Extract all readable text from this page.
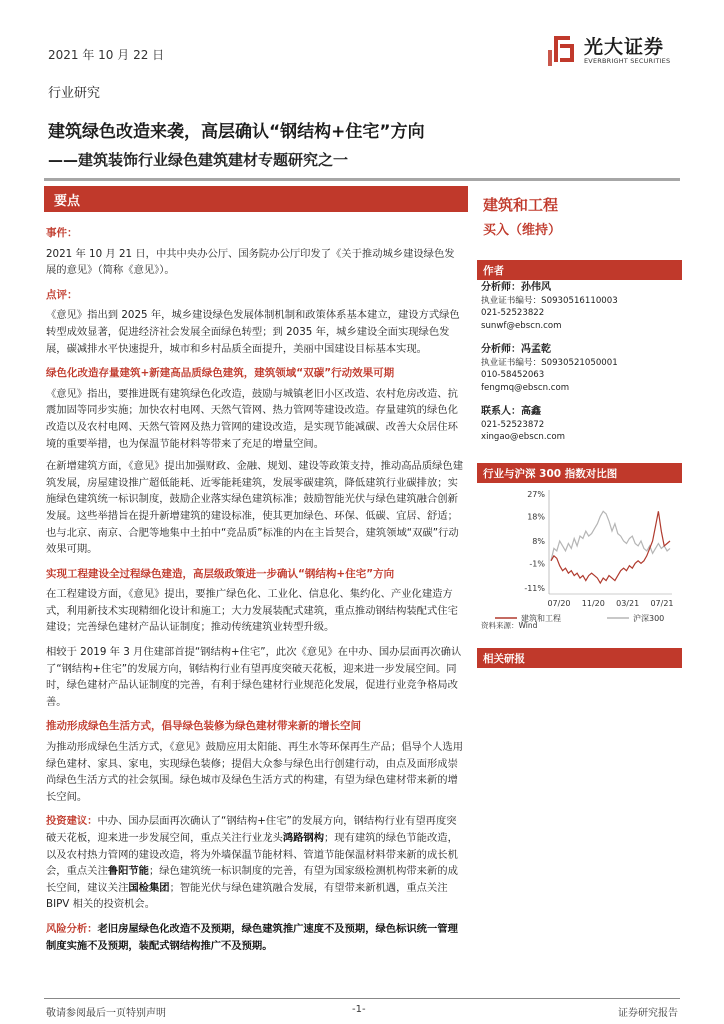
2021 年 10 月 22 日	光大证券
EVERBRIGHT SECURITIES
行业研究
建筑绿色改造来袭，高层确认“钢结构+住宅”方向
——建筑装饰行业绿色建筑建材专题研究之一
要点
事件：

2021 年 10 月 21 日，中共中央办公厅、国务院办公厅印发了《关于推动城乡建设绿色发展的意见》（简称《意见》）。

点评：

《意见》指出到 2025 年，城乡建设绿色发展体制机制和政策体系基本建立，建设方式绿色转型成效显著，促进经济社会发展全面绿色转型；到 2035 年，城乡建设全面实现绿色发展，碳减排水平快速提升，城市和乡村品质全面提升，美丽中国建设目标基本实现。

绿色化改造存量建筑+新建高品质绿色建筑，建筑领域“双碳”行动效果可期

《意见》指出，要推进既有建筑绿色化改造，鼓励与城镇老旧小区改造、农村危房改造、抗震加固等同步实施；加快农村电网、天然气管网、热力管网等建设改造。存量建筑的绿色化改造以及农村电网、天然气管网及热力管网的建设改造，是实现节能减碳、改善大众居住环境的重要举措，也为保温节能材料等带来了充足的增量空间。

在新增建筑方面，《意见》提出加强财政、金融、规划、建设等政策支持，推动高品质绿色建筑发展，房屋建设推广超低能耗、近零能耗建筑，发展零碳建筑，降低建筑行业碳排放；实施绿色建筑统一标识制度，鼓励企业落实绿色建筑标准；鼓励智能光伏与绿色建筑融合创新发展。这些举措旨在提升新增建筑的建设标准，使其更加绿色、环保、低碳、宜居、舒适；也与北京、南京、合肥等地集中土拍中“竞品质”标准的内在主旨契合，建筑领域“双碳”行动效果可期。

实现工程建设全过程绿色建造，高层级政策进一步确认“钢结构+住宅”方向

在工程建设方面，《意见》提出，要推广绿色化、工业化、信息化、集约化、产业化建造方式，利用新技术实现精细化设计和施工；大力发展装配式建筑，重点推动钢结构装配式住宅建设；完善绿色建材产品认证制度；推动传统建筑业转型升级。

相较于 2019 年 3 月住建部首提“钢结构+住宅”，此次《意见》在中办、国办层面再次确认了“钢结构+住宅”的发展方向，钢结构行业有望再度突破天花板，迎来进一步发展空间。同时，绿色建材产品认证制度的完善，有利于绿色建材行业规范化发展，促进行业竞争格局改善。

推动形成绿色生活方式，倡导绿色装修为绿色建材带来新的增长空间

为推动形成绿色生活方式，《意见》鼓励应用太阳能、再生水等环保再生产品；倡导个人选用绿色建材、家具、家电，实现绿色装修；提倡大众参与绿色出行创建行动，由点及面形成崇尚绿色生活方式的社会氛围。绿色城市及绿色生活方式的构建，有望为绿色建材带来新的增长空间。

投资建议：中办、国办层面再次确认了“钢结构+住宅”的发展方向，钢结构行业有望再度突破天花板，迎来进一步发展空间，重点关注行业龙头鸿路钢构；现有建筑的绿色节能改造，以及农村热力管网的建设改造，将为外墙保温节能材料、管道节能保温材料带来新的成长机会，重点关注鲁阳节能；绿色建筑统一标识制度的完善，有望为国家级检测机构带来新的成长空间，建议关注国检集团；智能光伏与绿色建筑融合发展，有望带来新机遇，重点关注 BIPV 相关的投资机会。

风险分析：老旧房屋绿色化改造不及预期，绿色建筑推广速度不及预期，绿色标识统一管理制度实施不及预期，装配式钢结构推广不及预期。

建筑和工程
买入（维持）
作者
分析师：孙伟风
执业证书编号：S0930516110003
021-52523822
sunwf@ebscn.com
分析师：冯孟乾
执业证书编号：S0930521050001
010-58452063
fengmq@ebscn.com
联系人：高鑫
021-52523872
xingao@ebscn.com
行业与沪深 300 指数对比图
27%
18%
8%
-1%
-11%
07/20 11/20 03/21 07/21
建筑和工程	沪深300
资料来源：Wind
相关研报
敬请参阅最后一页特别声明	-1-	证券研究报告
